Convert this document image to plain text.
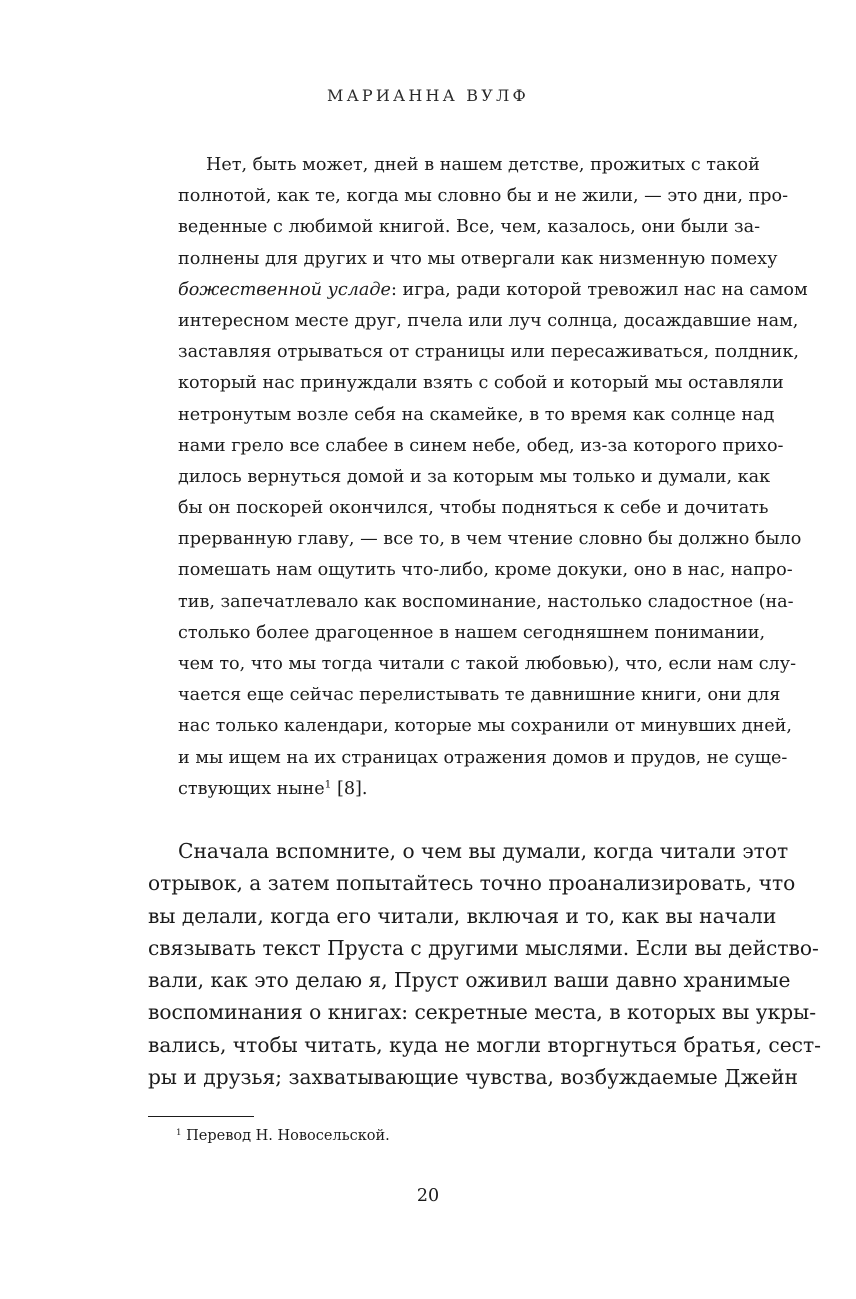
МАРИАННА ВУЛФ
Нет, быть может, дней в нашем детстве, прожитых с такой
полнотой, как те, когда мы словно бы и не жили, — это дни, про-
веденные с любимой книгой. Все, чем, казалось, они были за-
полнены для других и что мы отвергали как низменную помеху
божественной усладе: игра, ради которой тревожил нас на самом
интересном месте друг, пчела или луч солнца, досаждавшие нам,
заставляя отрываться от страницы или пересаживаться, полдник,
который нас принуждали взять с собой и который мы оставляли
нетронутым возле себя на скамейке, в то время как солнце над
нами грело все слабее в синем небе, обед, из-за которого прихо-
дилось вернуться домой и за которым мы только и думали, как
бы он поскорей окончился, чтобы подняться к себе и дочитать
прерванную главу, — все то, в чем чтение словно бы должно было
помешать нам ощутить что-либо, кроме докуки, оно в нас, напро-
тив, запечатлевало как воспоминание, настолько сладостное (на-
столько более драгоценное в нашем сегодняшнем понимании,
чем то, что мы тогда читали с такой любовью), что, если нам слу-
чается еще сейчас перелистывать те давнишние книги, они для
нас только календари, которые мы сохранили от минувших дней,
и мы ищем на их страницах отражения домов и прудов, не суще-
ствующих ныне$^1$ [8].
Сначала вспомните, о чем вы думали, когда читали этот
отрывок, а затем попытайтесь точно проанализировать, что
вы делали, когда его читали, включая и то, как вы начали
связывать текст Пруста с другими мыслями. Если вы действо-
вали, как это делаю я, Пруст оживил ваши давно хранимые
воспоминания о книгах: секретные места, в которых вы укры-
вались, чтобы читать, куда не могли вторгнуться братья, сест-
ры и друзья; захватывающие чувства, возбуждаемые Джейн
$^1$ Перевод Н. Новосельской.
20
